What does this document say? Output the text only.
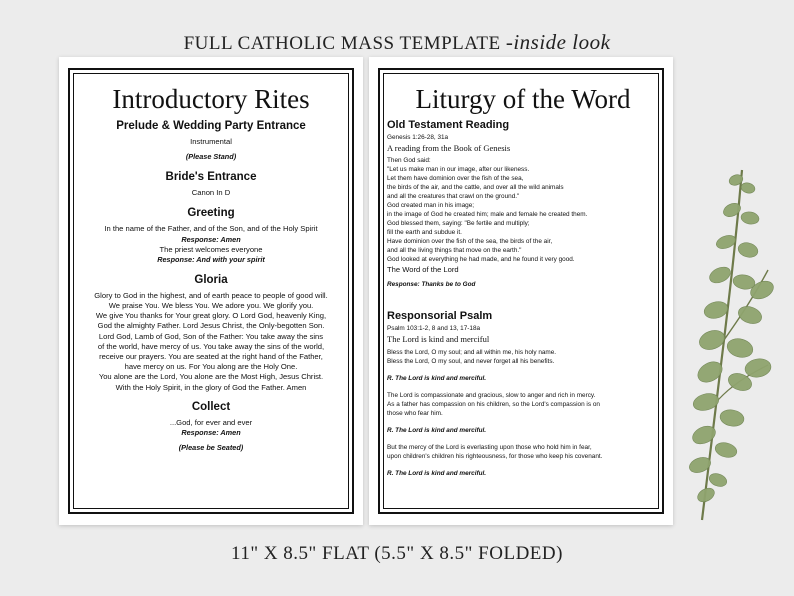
FULL CATHOLIC MASS TEMPLATE -inside look
Introductory Rites
Prelude & Wedding Party Entrance
Instrumental
(Please Stand)
Bride's Entrance
Canon In D
Greeting
In the name of the Father, and of the Son, and of the Holy Spirit
Response: Amen
The priest welcomes everyone
Response: And with your spirit
Gloria
Glory to God in the highest, and of earth peace to people of good will.
We praise You. We bless You. We adore you. We glorify you.
We give You thanks for Your great glory. O Lord God, heavenly King,
God the almighty Father. Lord Jesus Christ, the Only-begotten Son.
Lord God, Lamb of God, Son of the Father: You take away the sins
of the world, have mercy of us. You take away the sins of the world,
receive our prayers. You are seated at the right hand of the Father,
have mercy on us. For You along are the Holy One.
You alone are the Lord, You alone are the Most High, Jesus Christ.
With the Holy Spirit, in the glory of God the Father. Amen
Collect
...God, for ever and ever
Response: Amen
(Please be Seated)
Liturgy of the Word
Old Testament Reading
Genesis 1:26-28, 31a
A reading from the Book of Genesis
Then God said:
"Let us make man in our image, after our likeness.
Let them have dominion over the fish of the sea,
the birds of the air, and the cattle, and over all the wild animals
and all the creatures that crawl on the ground."
God created man in his image;
in the image of God he created him; male and female he created them.
God blessed them, saying: "Be fertile and multiply;
fill the earth and subdue it.
Have dominion over the fish of the sea, the birds of the air,
and all the living things that move on the earth."
God looked at everything he had made, and he found it very good.
The Word of the Lord
Response: Thanks be to God
Responsorial Psalm
Psalm 103:1-2, 8 and 13, 17-18a
The Lord is kind and merciful
Bless the Lord, O my soul; and all within me, his holy name.
Bless the Lord, O my soul, and never forget all his benefits.
R. The Lord is kind and merciful.
The Lord is compassionate and gracious, slow to anger and rich in mercy.
As a father has compassion on his children, so the Lord's compassion is on
those who fear him.
R. The Lord is kind and merciful.
But the mercy of the Lord is everlasting upon those who hold him in fear,
upon children's children his righteousness, for those who keep his covenant.
R. The Lord is kind and merciful.
11" X 8.5" FLAT (5.5" X 8.5" FOLDED)
